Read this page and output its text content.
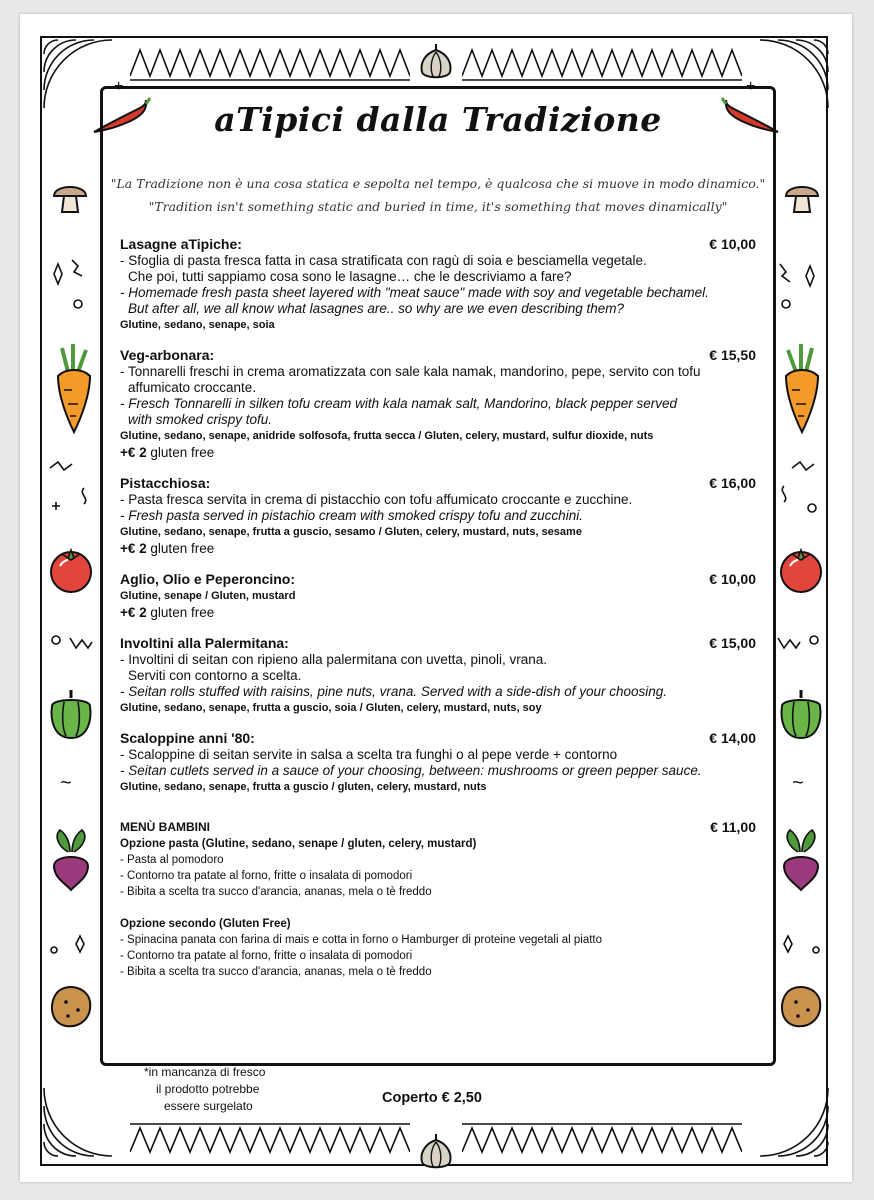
+	+
~	~
aTipici dalla Tradizione
"La Tradizione non è una cosa statica e sepolta nel tempo, è qualcosa che si muove in modo dinamico."
"Tradition isn't something static and buried in time, it's something that moves dinamically"
Lasagne aTipiche:	€ 10,00
- Sfoglia di pasta fresca fatta in casa stratificata con ragù di soia e besciamella vegetale.
Che poi, tutti sappiamo cosa sono le lasagne… che le descriviamo a fare?
- Homemade fresh pasta sheet layered with "meat sauce" made with soy and vegetable bechamel.
But after all, we all know what lasagnes are.. so why are we even describing them?
Glutine, sedano, senape, soia
Veg-arbonara:	€ 15,50
- Tonnarelli freschi in crema aromatizzata con sale kala namak, mandorino, pepe, servito con tofu
affumicato croccante.
- Fresch Tonnarelli in silken tofu cream with kala namak salt, Mandorino, black pepper served
with smoked crispy tofu.
Glutine, sedano, senape, anidride solfosofa, frutta secca / Gluten, celery, mustard, sulfur dioxide, nuts
+€ 2 gluten free
Pistacchiosa:	€ 16,00
- Pasta fresca servita in crema di pistacchio con tofu affumicato croccante e zucchine.
- Fresh pasta served in pistachio cream with smoked crispy tofu and zucchini.
Glutine, sedano, senape, frutta a guscio, sesamo / Gluten, celery, mustard, nuts, sesame
+€ 2 gluten free
Aglio, Olio e Peperoncino:	€ 10,00
Glutine, senape / Gluten, mustard
+€ 2 gluten free
Involtini alla Palermitana:	€ 15,00
- Involtini di seitan con ripieno alla palermitana con uvetta, pinoli, vrana.
Serviti con contorno a scelta.
- Seitan rolls stuffed with raisins, pine nuts, vrana. Served with a side-dish of your choosing.
Glutine, sedano, senape, frutta a guscio, soia / Gluten, celery, mustard, nuts, soy
Scaloppine anni '80:	€ 14,00
- Scaloppine di seitan servite in salsa a scelta tra funghi o al pepe verde + contorno
- Seitan cutlets served in a sauce of your choosing, between: mushrooms or green pepper sauce.
Glutine, sedano, senape, frutta a guscio / gluten, celery, mustard, nuts
MENÙ BAMBINI	€ 11,00
Opzione pasta (Glutine, sedano, senape / gluten, celery, mustard)
- Pasta al pomodoro
- Contorno tra patate al forno, fritte o insalata di pomodori
- Bibita a scelta tra succo d'arancia, ananas, mela o tè freddo
Opzione secondo (Gluten Free)
- Spinacina panata con farina di mais e cotta in forno o Hamburger di proteine vegetali al piatto
- Contorno tra patate al forno, fritte o insalata di pomodori
- Bibita a scelta tra succo d'arancia, ananas, mela o tè freddo
*in mancanza di fresco
il prodotto potrebbe
essere surgelato	Coperto € 2,50
